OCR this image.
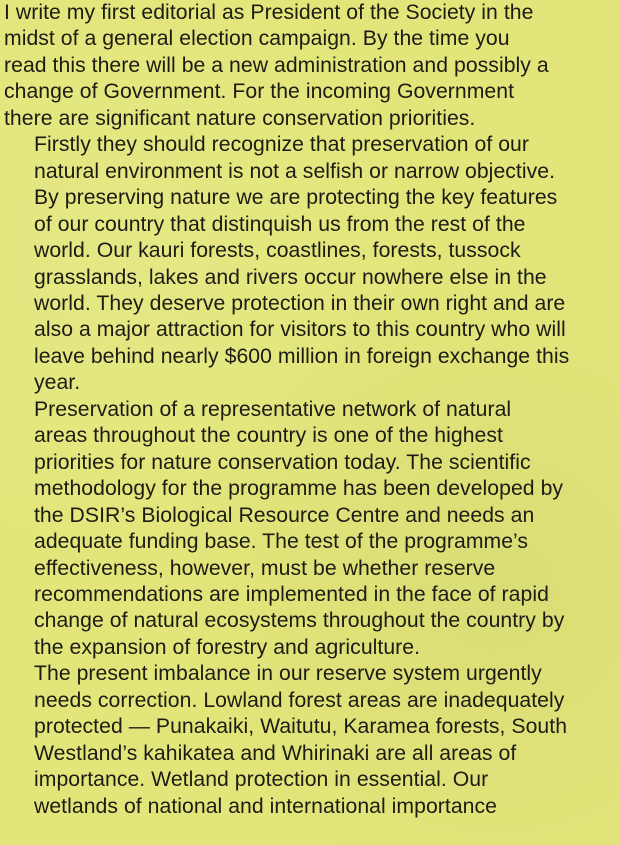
I write my first editorial as President of the Society in the
midst of a general election campaign. By the time you
read this there will be a new administration and possibly a
change of Government. For the incoming Government
there are significant nature conservation priorities.

Firstly they should recognize that preservation of our
natural environment is not a selfish or narrow objective.
By preserving nature we are protecting the key features
of our country that distinquish us from the rest of the
world. Our kauri forests, coastlines, forests, tussock
grasslands, lakes and rivers occur nowhere else in the
world. They deserve protection in their own right and are
also a major attraction for visitors to this country who will
leave behind nearly $600 million in foreign exchange this
year.

Preservation of a representative network of natural
areas throughout the country is one of the highest
priorities for nature conservation today. The scientific
methodology for the programme has been developed by
the DSIR’s Biological Resource Centre and needs an
adequate funding base. The test of the programme’s
effectiveness, however, must be whether reserve
recommendations are implemented in the face of rapid
change of natural ecosystems throughout the country by
the expansion of forestry and agriculture.

The present imbalance in our reserve system urgently
needs correction. Lowland forest areas are inadequately
protected — Punakaiki, Waitutu, Karamea forests, South
Westland’s kahikatea and Whirinaki are all areas of
importance. Wetland protection in essential. Our
wetlands of national and international importance
